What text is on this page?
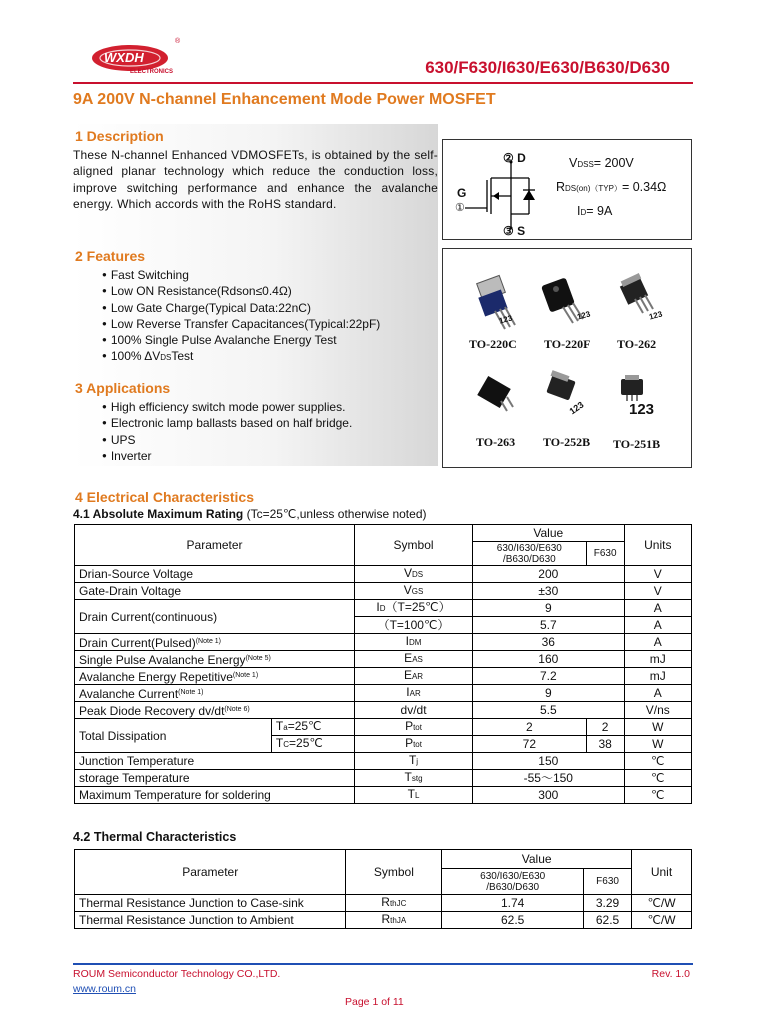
WXDH
®
ELECTRONICS	630/F630/I630/E630/B630/D630
9A 200V N-channel Enhancement Mode Power MOSFET
1 Description
These N-channel Enhanced VDMOSFETs, is obtained by the self-aligned planar technology which reduce the conduction loss, improve switching performance and enhance the avalanche energy. Which accords with the RoHS standard.
② D
G
①
③ S
VDSS= 200V
RDS(on)（TYP）= 0.34Ω
ID= 9A
2 Features
● Fast Switching
● Low ON Resistance(Rdson≤0.4Ω)
● Low Gate Charge(Typical Data:22nC)
● Low Reverse Transfer Capacitances(Typical:22pF)
● 100% Single Pulse Avalanche Energy Test
● 100% ΔVDSTest
3 Applications
● High efficiency switch mode power supplies.
● Electronic lamp ballasts based on half bridge.
● UPS
● Inverter
123	123	123
123	123
TO-220C TO-220F TO-262
TO-263 TO-252B TO-251B
4 Electrical Characteristics
4.1 Absolute Maximum Rating (Tc=25℃,unless otherwise noted)
Parameter		Symbol	Value		Units
			630/I630/E630
/B630/D630	F630	
Drian-Source Voltage		VDS	200		V
Gate-Drain Voltage		VGS	±30		V
Drain Current(continuous)		ID（T=25℃）	9		A
		（T=100℃）	5.7		A
Drain Current(Pulsed)$^{(Note 1)}$		IDM	36		A
Single Pulse Avalanche Energy$^{(Note 5)}$		EAS	160		mJ
Avalanche Energy Repetitive$^{(Note 1)}$		EAR	7.2		mJ
Avalanche Current$^{(Note 1)}$		IAR	9		A
Peak Diode Recovery $dv/dt^{(Note 6)}$		dv/dt	5.5		V/ns
Total Dissipation	Ta=25℃	Ptot	2	2	W
	TC=25℃	Ptot	72	38	W
Junction Temperature		Tj	150		℃
storage Temperature		Tstg	-55～150		℃
Maximum Temperature for soldering		TL	300		℃
4.2 Thermal Characteristics
Parameter	Symbol	Value		Unit
		630/I630/E630
/B630/D630	F630	
Thermal Resistance Junction to Case-sink	RthJC	1.74	3.29	℃/W
Thermal Resistance Junction to Ambient	RthJA	62.5	62.5	℃/W
ROUM Semiconductor Technology CO.,LTD.	Rev. 1.0
www.roum.cn
Page 1 of 11
